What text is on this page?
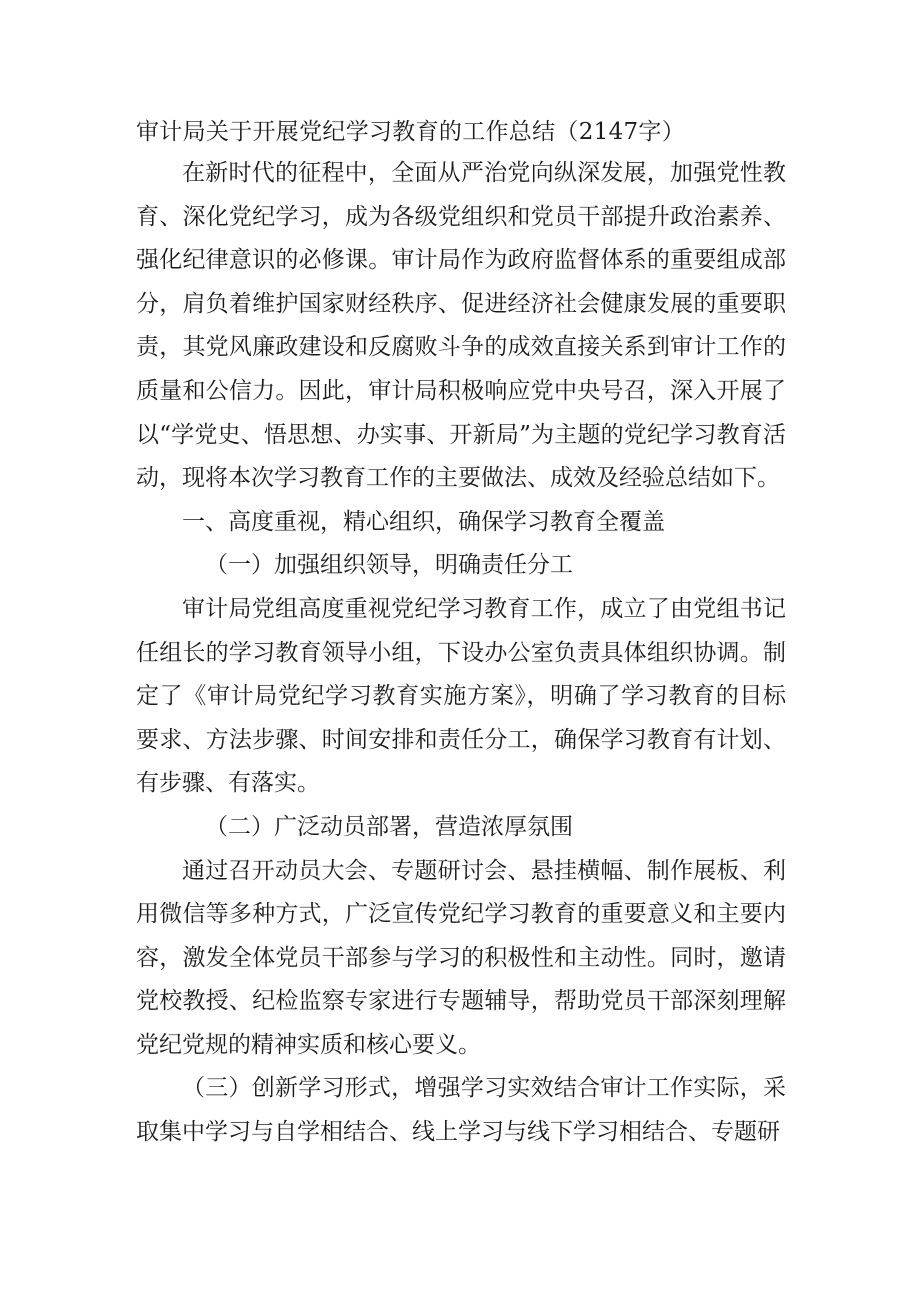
审计局关于开展党纪学习教育的工作总结（2147字）

在新时代的征程中，全面从严治党向纵深发展，加强党性教育、深化党纪学习，成为各级党组织和党员干部提升政治素养、强化纪律意识的必修课。审计局作为政府监督体系的重要组成部分，肩负着维护国家财经秩序、促进经济社会健康发展的重要职责，其党风廉政建设和反腐败斗争的成效直接关系到审计工作的质量和公信力。因此，审计局积极响应党中央号召，深入开展了以“学党史、悟思想、办实事、开新局”为主题的党纪学习教育活动，现将本次学习教育工作的主要做法、成效及经验总结如下。

一、高度重视，精心组织，确保学习教育全覆盖

（一）加强组织领导，明确责任分工

审计局党组高度重视党纪学习教育工作，成立了由党组书记任组长的学习教育领导小组，下设办公室负责具体组织协调。制定了《审计局党纪学习教育实施方案》，明确了学习教育的目标要求、方法步骤、时间安排和责任分工，确保学习教育有计划、有步骤、有落实。

（二）广泛动员部署，营造浓厚氛围

通过召开动员大会、专题研讨会、悬挂横幅、制作展板、利用微信等多种方式，广泛宣传党纪学习教育的重要意义和主要内容，激发全体党员干部参与学习的积极性和主动性。同时，邀请党校教授、纪检监察专家进行专题辅导，帮助党员干部深刻理解党纪党规的精神实质和核心要义。

（三）创新学习形式，增强学习实效结合审计工作实际，采取集中学习与自学相结合、线上学习与线下学习相结合、专题研
